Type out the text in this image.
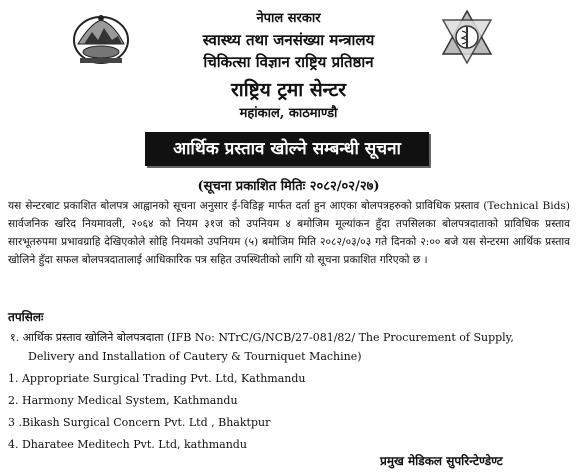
नेपाल सरकार
स्वास्थ्य तथा जनसंख्या मन्त्रालय
चिकित्सा विज्ञान राष्ट्रिय प्रतिष्ठान
राष्ट्रिय ट्रमा सेन्टर
महांकाल, काठमाण्डौ
आर्थिक प्रस्ताव खोल्ने सम्बन्धी सूचना
(सूचना प्रकाशित मितिः २०८२/०२/२७)

यस सेन्टरबाट प्रकाशित बोलपत्र आह्वानको सूचना अनुसार ई-विडिङ्ग मार्फत दर्ता हुन आएका बोलपत्रहरुको प्राविधिक प्रस्ताव (Technical Bids) सार्वजनिक खरिद नियमावली, २०६४ को नियम ३१ज को उपनियम ४ बमोजिम मूल्यांकन हुँदा तपसिलका बोलपत्रदाताको प्राविधिक प्रस्ताव सारभूतरुपमा प्रभावग्राहि देखिएकोले सोहि नियमको उपनियम (५) बमोजिम मिति २०८२/०३/०३ गते दिनको २:०० बजे यस सेन्टरमा आर्थिक प्रस्ताव खोलिने हुँदा सफल बोलपत्रदातालाई आधिकारिक पत्र सहित उपस्थितीको लागि यो सूचना प्रकाशित गरिएको छ ।

तपसिलः
१. आर्थिक प्रस्ताव खोलिने बोलपत्रदाता (IFB No: NTrC/G/NCB/27-081/82/ The Procurement of Supply,
Delivery and Installation of Cautery & Tourniquet Machine)
1. Appropriate Surgical Trading Pvt. Ltd, Kathmandu
2. Harmony Medical System, Kathmandu
3 .Bikash Surgical Concern Pvt. Ltd , Bhaktpur
4. Dharatee Meditech Pvt. Ltd, kathmandu
प्रमुख मेडिकल सुपरिन्टेण्डेण्ट
